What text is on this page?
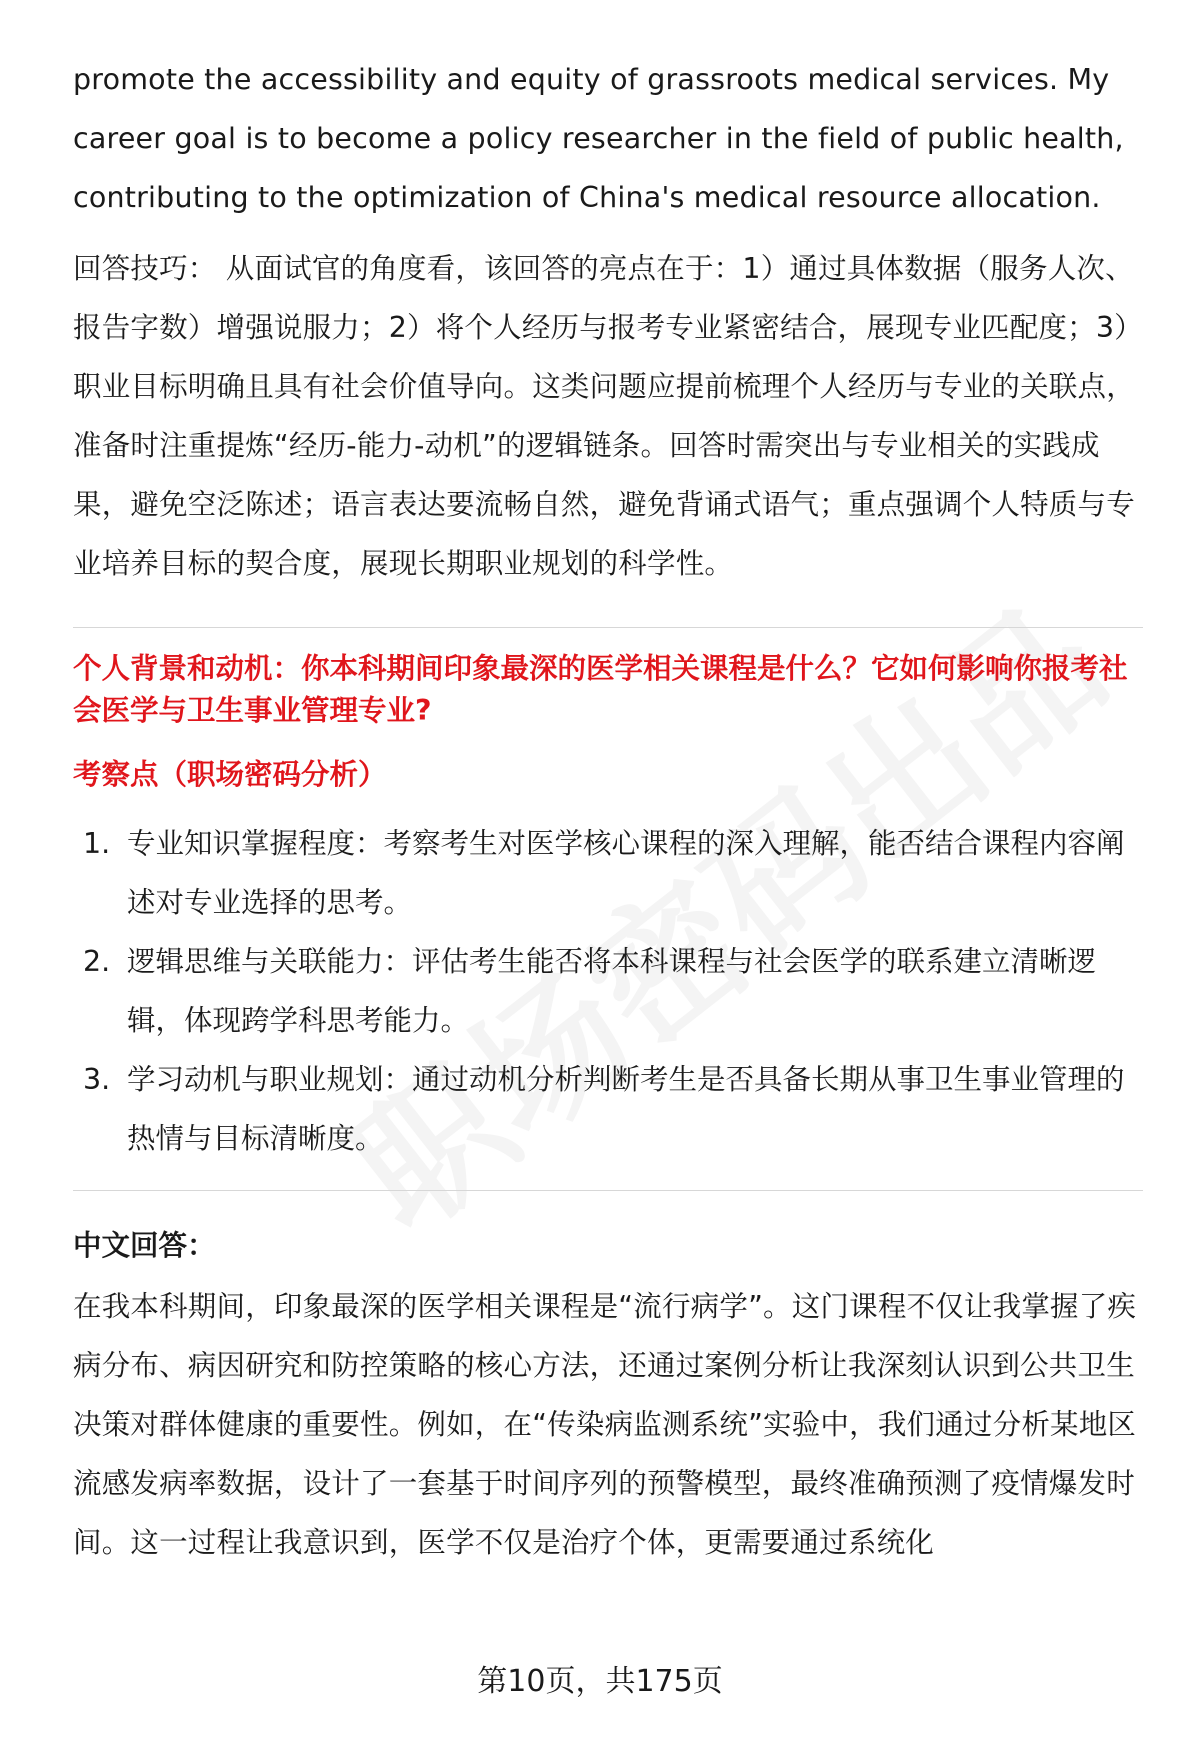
promote the accessibility and equity of grassroots medical services. My career goal is to become a policy researcher in the field of public health, contributing to the optimization of China's medical resource allocation.

回答技巧： 从面试官的角度看，该回答的亮点在于：1）通过具体数据（服务人次、报告字数）增强说服力；2）将个人经历与报考专业紧密结合，展现专业匹配度；3）职业目标明确且具有社会价值导向。这类问题应提前梳理个人经历与专业的关联点，准备时注重提炼“经历-能力-动机”的逻辑链条。回答时需突出与专业相关的实践成果，避免空泛陈述；语言表达要流畅自然，避免背诵式语气；重点强调个人特质与专业培养目标的契合度，展现长期职业规划的科学性。

个人背景和动机：你本科期间印象最深的医学相关课程是什么？它如何影响你报考社会医学与卫生事业管理专业?

考察点（职场密码分析）

1. 专业知识掌握程度：考察考生对医学核心课程的深入理解，能否结合课程内容阐述对专业选择的思考。
2. 逻辑思维与关联能力：评估考生能否将本科课程与社会医学的联系建立清晰逻辑，体现跨学科思考能力。
3. 学习动机与职业规划：通过动机分析判断考生是否具备长期从事卫生事业管理的热情与目标清晰度。

中文回答：

在我本科期间，印象最深的医学相关课程是“流行病学”。这门课程不仅让我掌握了疾病分布、病因研究和防控策略的核心方法，还通过案例分析让我深刻认识到公共卫生决策对群体健康的重要性。例如，在“传染病监测系统”实验中，我们通过分析某地区流感发病率数据，设计了一套基于时间序列的预警模型，最终准确预测了疫情爆发时间。这一过程让我意识到，医学不仅是治疗个体，更需要通过系统化

第10页，共175页
